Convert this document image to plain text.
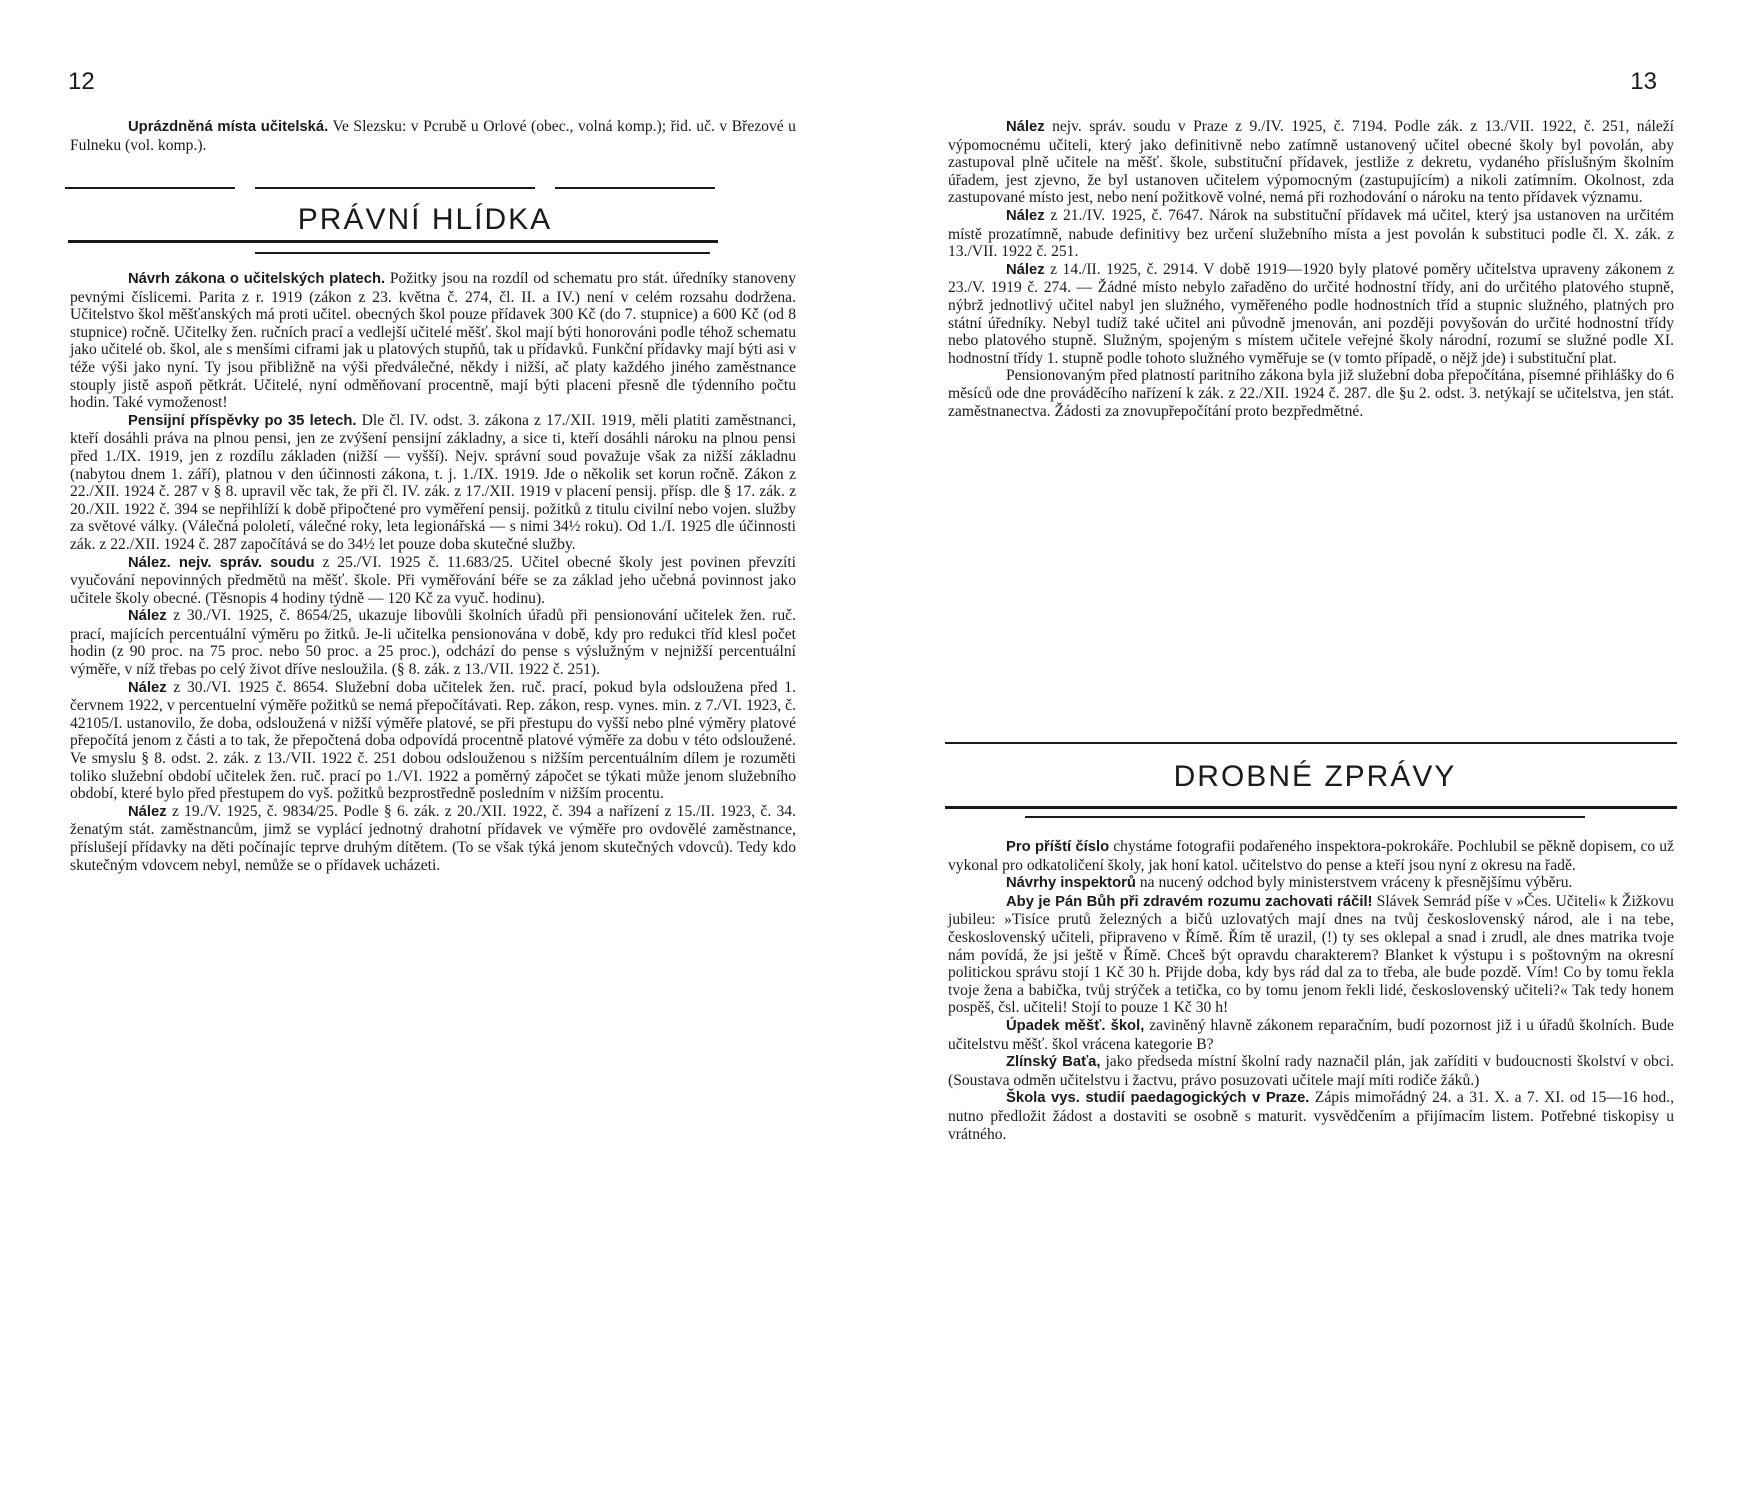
12

Uprázdněná místa učitelská. Ve Slezsku: v Pcrubě u Orlové (obec., volná komp.); řid. uč. v Březové u Fulneku (vol. komp.).

PRÁVNÍ HLÍDKA

Návrh zákona o učitelských platech. Požitky jsou na rozdíl od schematu pro stát. úředníky stanoveny pevnými číslicemi. Parita z r. 1919 (zákon z 23. května č. 274, čl. II. a IV.) není v celém rozsahu dodržena. Učitelstvo škol měšťanských má proti učitel. obecných škol pouze přídavek 300 Kč (do 7. stupnice) a 600 Kč (od 8 stupnice) ročně. Učitelky žen. ručních prací a vedlejší učitelé měšť. škol mají býti honorováni podle téhož schematu jako učitelé ob. škol, ale s menšími ciframi jak u platových stupňů, tak u přídavků. Funkční přídavky mají býti asi v téže výši jako nyní. Ty jsou přibližně na výši předválečné, někdy i nižší, ač platy každého jiného zaměstnance stouply jistě aspoň pětkrát. Učitelé, nyní odměňovaní procentně, mají býti placeni přesně dle týdenního počtu hodin. Také vymoženost!

Pensijní příspěvky po 35 letech. Dle čl. IV. odst. 3. zákona z 17./XII. 1919, měli platiti zaměstnanci, kteří dosáhli práva na plnou pensi, jen ze zvýšení pensijní základny, a sice ti, kteří dosáhli nároku na plnou pensi před 1./IX. 1919, jen z rozdílu základen (nižší — vyšší). Nejv. správní soud považuje však za nižší základnu (nabytou dnem 1. září), platnou v den účinnosti zákona, t. j. 1./IX. 1919. Jde o několik set korun ročně. Zákon z 22./XII. 1924 č. 287 v § 8. upravil věc tak, že při čl. IV. zák. z 17./XII. 1919 v placení pensij. přísp. dle § 17. zák. z 20./XII. 1922 č. 394 se nepřihlíží k době připočtené pro vyměření pensij. požitků z titulu civilní nebo vojen. služby za světové války. (Válečná pololetí, válečné roky, leta legionářská — s nimi 34½ roku). Od 1./I. 1925 dle účinnosti zák. z 22./XII. 1924 č. 287 započítává se do 34½ let pouze doba skutečné služby.

Nález. nejv. správ. soudu z 25./VI. 1925 č. 11.683/25. Učitel obecné školy jest povinen převzíti vyučování nepovinných předmětů na měšť. škole. Při vyměřování béře se za základ jeho učebná povinnost jako učitele školy obecné. (Těsnopis 4 hodiny týdně — 120 Kč za vyuč. hodinu).

Nález z 30./VI. 1925, č. 8654/25, ukazuje libovůli školních úřadů při pensionování učitelek žen. ruč. prací, majících percentuální výměru po žitků. Je-li učitelka pensionována v době, kdy pro redukci tříd klesl počet hodin (z 90 proc. na 75 proc. nebo 50 proc. a 25 proc.), odchází do pense s výslužným v nejnižší percentuální výměře, v níž třebas po celý život dříve nesloužila. (§ 8. zák. z 13./VII. 1922 č. 251).

Nález z 30./VI. 1925 č. 8654. Služební doba učitelek žen. ruč. prací, pokud byla odsloužena před 1. červnem 1922, v percentuelní výměře požitků se nemá přepočítávati. Rep. zákon, resp. vynes. min. z 7./VI. 1923, č. 42105/I. ustanovilo, že doba, odsloužená v nižší výměře platové, se při přestupu do vyšší nebo plné výměry platové přepočítá jenom z části a to tak, že přepočtená doba odpovídá procentně platové výměře za dobu v této odsloužené. Ve smyslu § 8. odst. 2. zák. z 13./VII. 1922 č. 251 dobou odslouženou s nižším percentuálním dílem je rozuměti toliko služební období učitelek žen. ruč. prací po 1./VI. 1922 a poměrný zápočet se týkati může jenom služebního období, které bylo před přestupem do vyš. požitků bezprostředně posledním v nižším procentu.

Nález z 19./V. 1925, č. 9834/25. Podle § 6. zák. z 20./XII. 1922, č. 394 a nařízení z 15./II. 1923, č. 34. ženatým stát. zaměstnancům, jimž se vyplácí jednotný drahotní přídavek ve výměře pro ovdovělé zaměstnance, příslušejí přídavky na děti počínajíc teprve druhým dítětem. (To se však týká jenom skutečných vdovců). Tedy kdo skutečným vdovcem nebyl, nemůže se o přídavek ucházeti.

13

Nález nejv. správ. soudu v Praze z 9./IV. 1925, č. 7194. Podle zák. z 13./VII. 1922, č. 251, náleží výpomocnému učiteli, který jako definitivně nebo zatímně ustanovený učitel obecné školy byl povolán, aby zastupoval plně učitele na měšť. škole, substituční přídavek, jestliže z dekretu, vydaného příslušným školním úřadem, jest zjevno, že byl ustanoven učitelem výpomocným (zastupujícím) a nikoli zatímním. Okolnost, zda zastupované místo jest, nebo není požitkově volné, nemá při rozhodování o nároku na tento přídavek významu.

Nález z 21./IV. 1925, č. 7647. Nárok na substituční přídavek má učitel, který jsa ustanoven na určitém místě prozatímně, nabude definitivy bez určení služebního místa a jest povolán k substituci podle čl. X. zák. z 13./VII. 1922 č. 251.

Nález z 14./II. 1925, č. 2914. V době 1919—1920 byly platové poměry učitelstva upraveny zákonem z 23./V. 1919 č. 274. — Žádné místo nebylo zařaděno do určité hodnostní třídy, ani do určitého platového stupně, nýbrž jednotlivý učitel nabyl jen služného, vyměřeného podle hodnostních tříd a stupnic služného, platných pro státní úředníky. Nebyl tudíž také učitel ani původně jmenován, ani později povyšován do určité hodnostní třídy nebo platového stupně. Služným, spojeným s místem učitele veřejné školy národní, rozumí se služné podle XI. hodnostní třídy 1. stupně podle tohoto služného vyměřuje se (v tomto případě, o nějž jde) i substituční plat.

Pensionovaným před platností paritního zákona byla již služební doba přepočítána, písemné přihlášky do 6 měsíců ode dne prováděcího nařízení k zák. z 22./XII. 1924 č. 287. dle §u 2. odst. 3. netýkají se učitelstva, jen stát. zaměstnanectva. Žádosti za znovupřepočítání proto bezpředmětné.

DROBNÉ ZPRÁVY

Pro příští číslo chystáme fotografii podařeného inspektora-pokrokáře. Pochlubil se pěkně dopisem, co už vykonal pro odkatoličení školy, jak honí katol. učitelstvo do pense a kteří jsou nyní z okresu na řadě.

Návrhy inspektorů na nucený odchod byly ministerstvem vráceny k přesnějšímu výběru.

Aby je Pán Bůh při zdravém rozumu zachovati ráčil! Slávek Semrád píše v »Čes. Učiteli« k Žižkovu jubileu: »Tisíce prutů železných a bičů uzlovatých mají dnes na tvůj československý národ, ale i na tebe, československý učiteli, připraveno v Římě. Řím tě urazil, (!) ty ses oklepal a snad i zrudl, ale dnes matrika tvoje nám povídá, že jsi ještě v Římě. Chceš být opravdu charakterem? Blanket k výstupu i s poštovným na okresní politickou správu stojí 1 Kč 30 h. Přijde doba, kdy bys rád dal za to třeba, ale bude pozdě. Vím! Co by tomu řekla tvoje žena a babička, tvůj strýček a tetička, co by tomu jenom řekli lidé, československý učiteli?« Tak tedy honem pospěš, čsl. učiteli! Stojí to pouze 1 Kč 30 h!

Úpadek měšť. škol, zaviněný hlavně zákonem reparačním, budí pozornost již i u úřadů školních. Bude učitelstvu měšť. škol vrácena kategorie B?

Zlínský Baťa, jako předseda místní školní rady naznačil plán, jak zaříditi v budoucnosti školství v obci. (Soustava odměn učitelstvu i žactvu, právo posuzovati učitele mají míti rodiče žáků.)

Škola vys. studií paedagogických v Praze. Zápis mimořádný 24. a 31. X. a 7. XI. od 15—16 hod., nutno předložit žádost a dostaviti se osobně s maturit. vysvědčením a přijímacím listem. Potřebné tiskopisy u vrátného.
